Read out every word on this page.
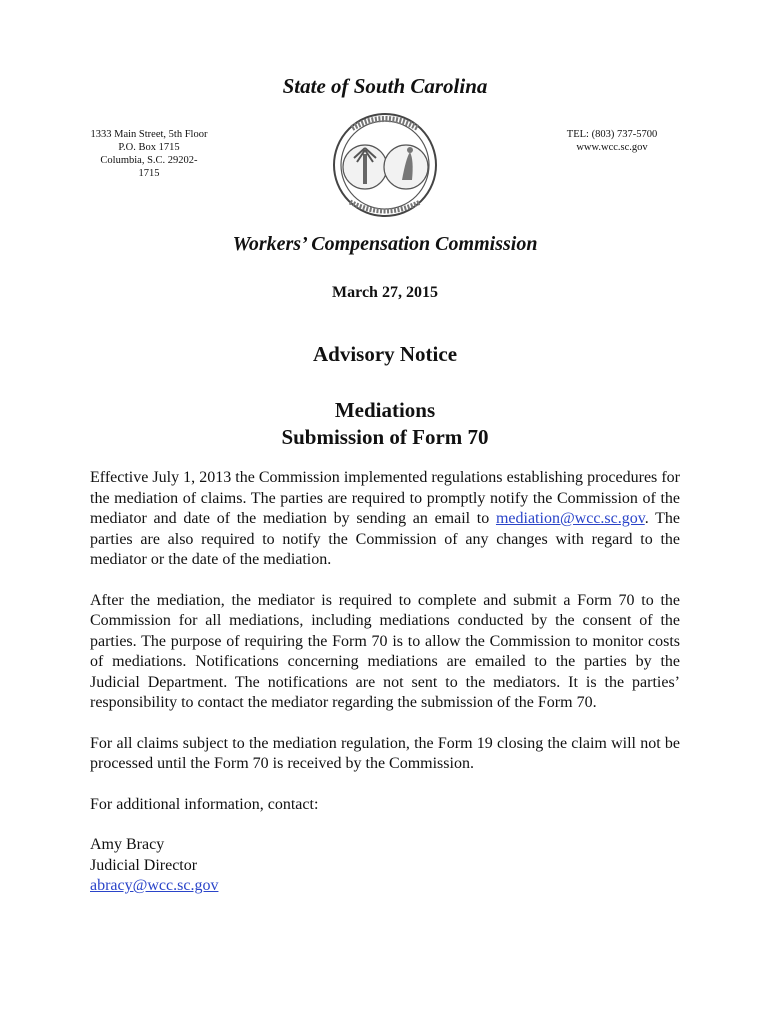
State of South Carolina
1333 Main Street, 5th Floor
P.O. Box 1715
Columbia, S.C. 29202-1715
TEL: (803) 737-5700
www.wcc.sc.gov
Workers’ Compensation Commission
March 27, 2015
Advisory Notice
Mediations
Submission of Form 70

Effective July 1, 2013 the Commission implemented regulations establishing procedures for the mediation of claims. The parties are required to promptly notify the Commission of the mediator and date of the mediation by sending an email to mediation@wcc.sc.gov. The parties are also required to notify the Commission of any changes with regard to the mediator or the date of the mediation.

After the mediation, the mediator is required to complete and submit a Form 70 to the Commission for all mediations, including mediations conducted by the consent of the parties. The purpose of requiring the Form 70 is to allow the Commission to monitor costs of mediations. Notifications concerning mediations are emailed to the parties by the Judicial Department. The notifications are not sent to the mediators. It is the parties’ responsibility to contact the mediator regarding the submission of the Form 70.

For all claims subject to the mediation regulation, the Form 19 closing the claim will not be processed until the Form 70 is received by the Commission.

For additional information, contact:

Amy Bracy
Judicial Director
abracy@wcc.sc.gov
